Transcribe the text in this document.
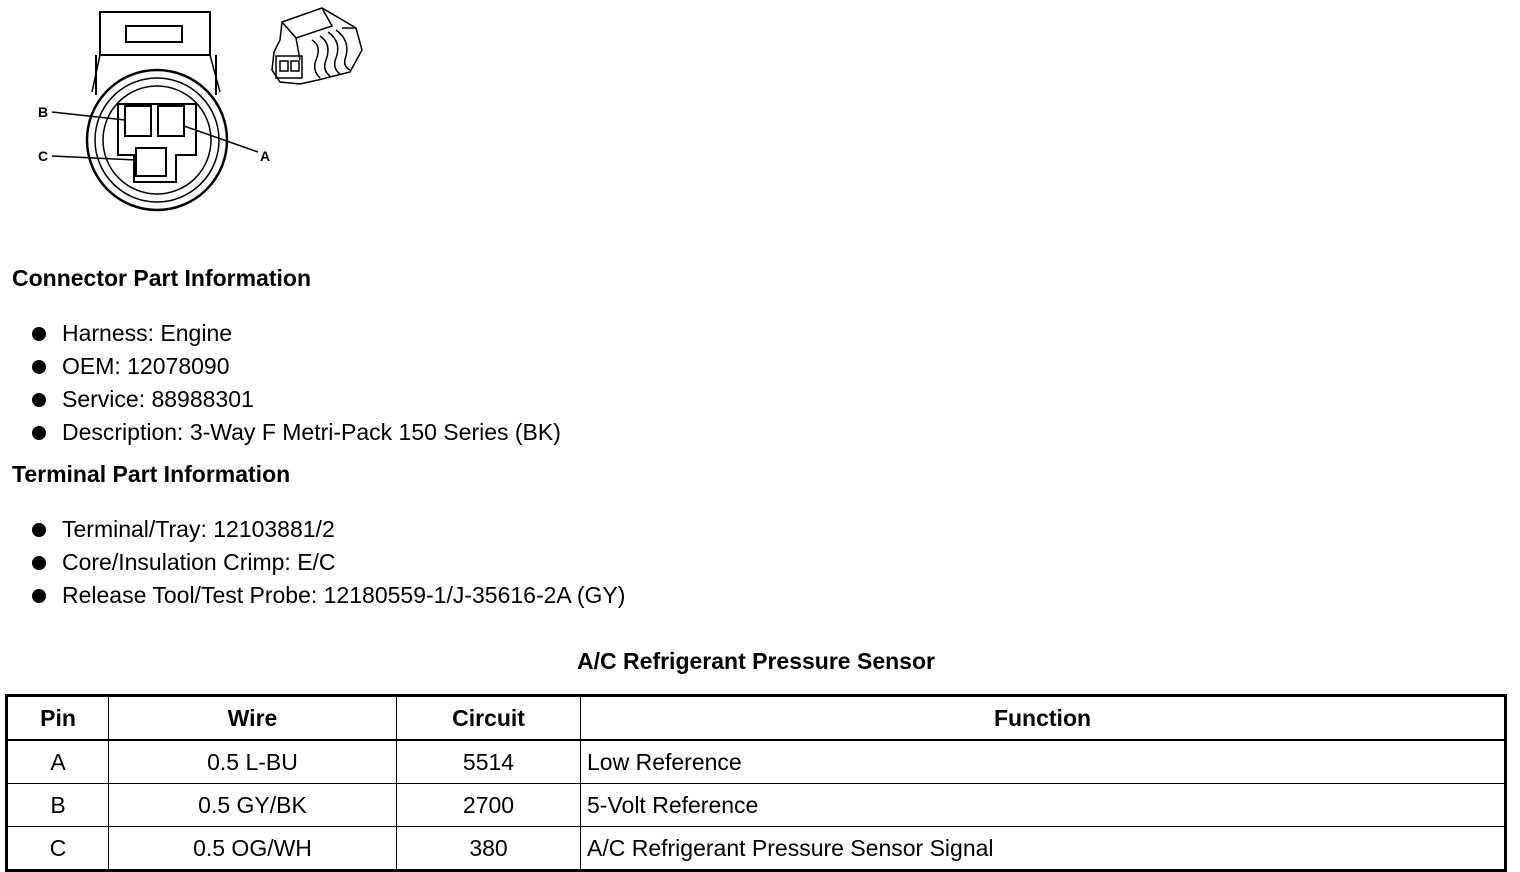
B
C	A
Connector Part Information
Harness: Engine
OEM: 12078090
Service: 88988301
Description: 3-Way F Metri-Pack 150 Series (BK)
Terminal Part Information
Terminal/Tray: 12103881/2
Core/Insulation Crimp: E/C
Release Tool/Test Probe: 12180559-1/J-35616-2A (GY)
A/C Refrigerant Pressure Sensor
Pin	Wire	Circuit	Function
A	0.5 L-BU	5514	Low Reference
B	0.5 GY/BK	2700	5-Volt Reference
C	0.5 OG/WH	380	A/C Refrigerant Pressure Sensor Signal
